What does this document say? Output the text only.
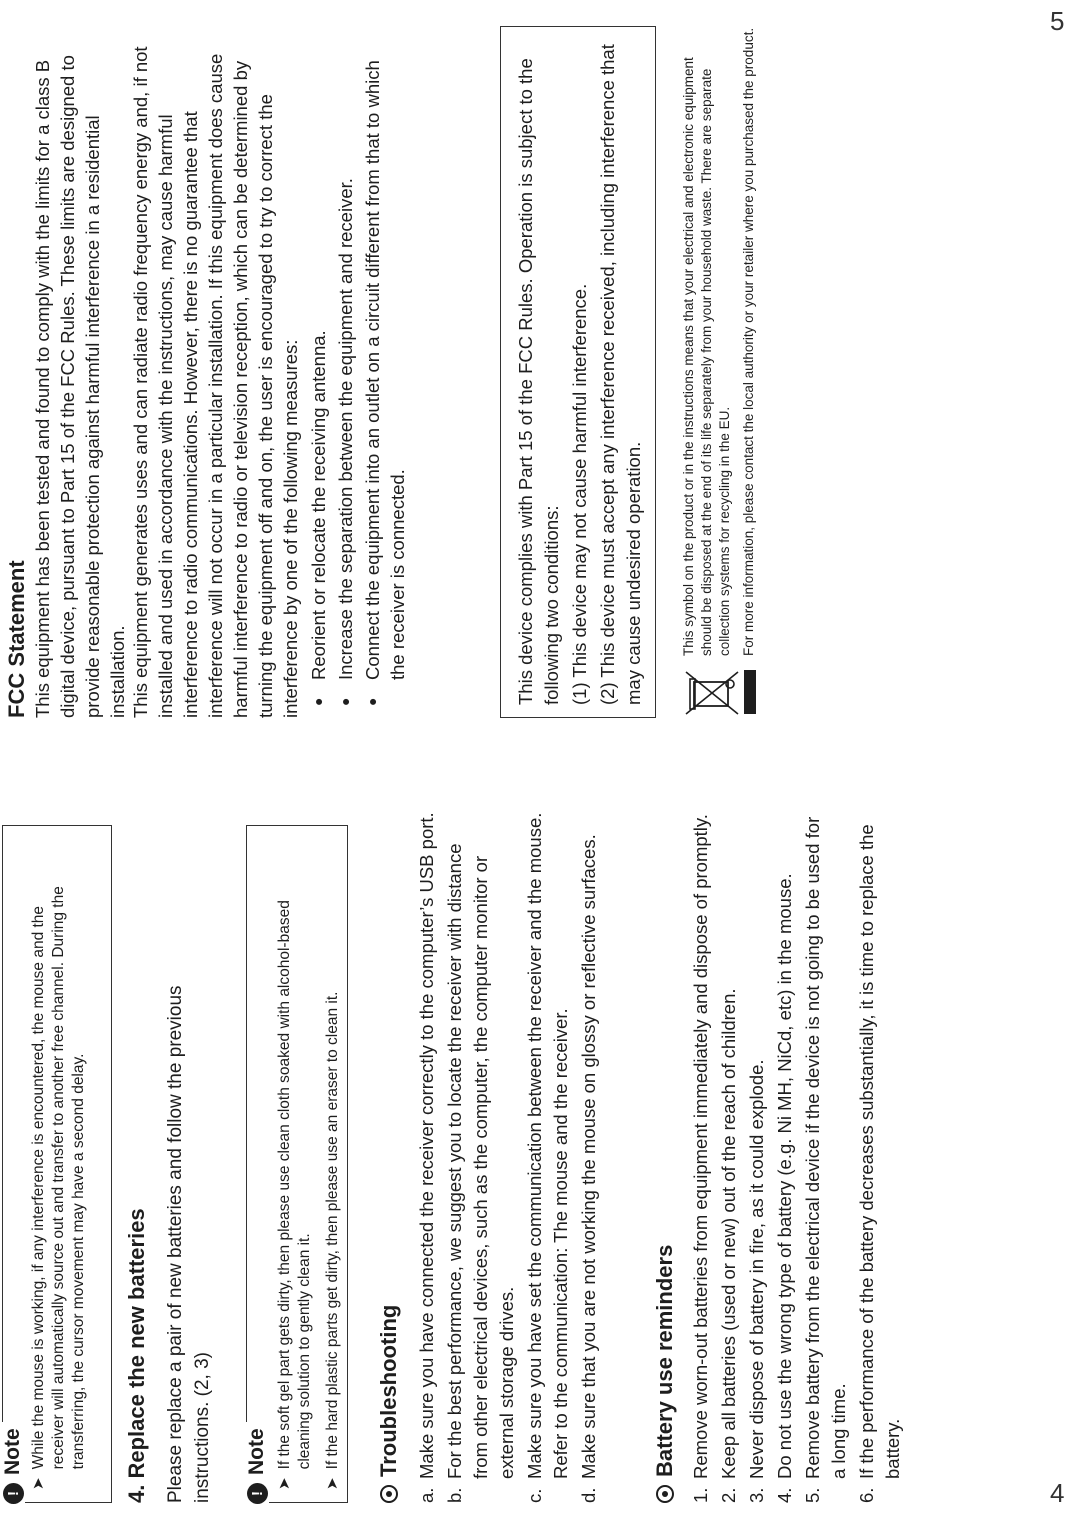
4
5
!
Note
➤
While the mouse is working, if any interference is encountered, the mouse and the receiver will automatically source out and transfer to another free channel. During the transferring, the cursor movement may have a second delay. 4. Replace the new batteries Please replace a pair of new batteries and follow the previous instructions. (2, 3) !
Note
➤
If the soft gel part gets dirty, then please use clean cloth soaked with alcohol-based cleaning solution to gently clean it.
➤
If the hard plastic parts get dirty, then please use an eraser to clean it. Troubleshooting
a.
Make sure you have connected the receiver correctly to the computer’s USB port.
b.
For the best performance, we suggest you to locate the receiver with distance from other electrical devices, such as the computer, the computer monitor or external storage drives.
c.
Make sure you have set the communication between the receiver and the mouse. Refer to the communication: The mouse and the receiver.
d.
Make sure that you are not working the mouse on glossy or reflective surfaces. Battery use reminders
1.
Remove worn-out batteries from equipment immediately and dispose of promptly.
2.
Keep all batteries (used or new) out of the reach of children.
3.
Never dispose of battery in fire, as it could explode.
4.
Do not use the wrong type of battery (e.g. Ni MH, NiCd, etc) in the mouse.
5.
Remove battery from the electrical device if the device is not going to be used for a long time.
6.
If the performance of the battery decreases substantially, it is time to replace the battery.
FCC Statement This equipment has been tested and found to comply with the limits for a class B digital device, pursuant to Part 15 of the FCC Rules. These limits are designed to provide reasonable protection against harmful interference in a residential installation. This equipment generates uses and can radiate radio frequency energy and, if not installed and used in accordance with the instructions, may cause harmful interference to radio communications. However, there is no guarantee that interference will not occur in a particular installation. If this equipment does cause harmful interference to radio or television reception, which can be determined by turning the equipment off and on, the user is encouraged to try to correct the interference by one of the following measures: ●
Reorient or relocate the receiving antenna.
●
Increase the separation between the equipment and receiver.
●
Connect the equipment into an outlet on a circuit different from that to which the receiver is connected.	This device complies with Part 15 of the FCC Rules. Operation is subject to the following two conditions: (1) This device may not cause harmful interference. (2) This device must accept any interference received, including interference that may cause undesired operation.	This symbol on the product or in the instructions means that your electrical and electronic equipment should be disposed at the end of its life separately from your household waste. There are separate collection systems for recycling in the EU. For more information, please contact the local authority or your retailer where you purchased the product.
